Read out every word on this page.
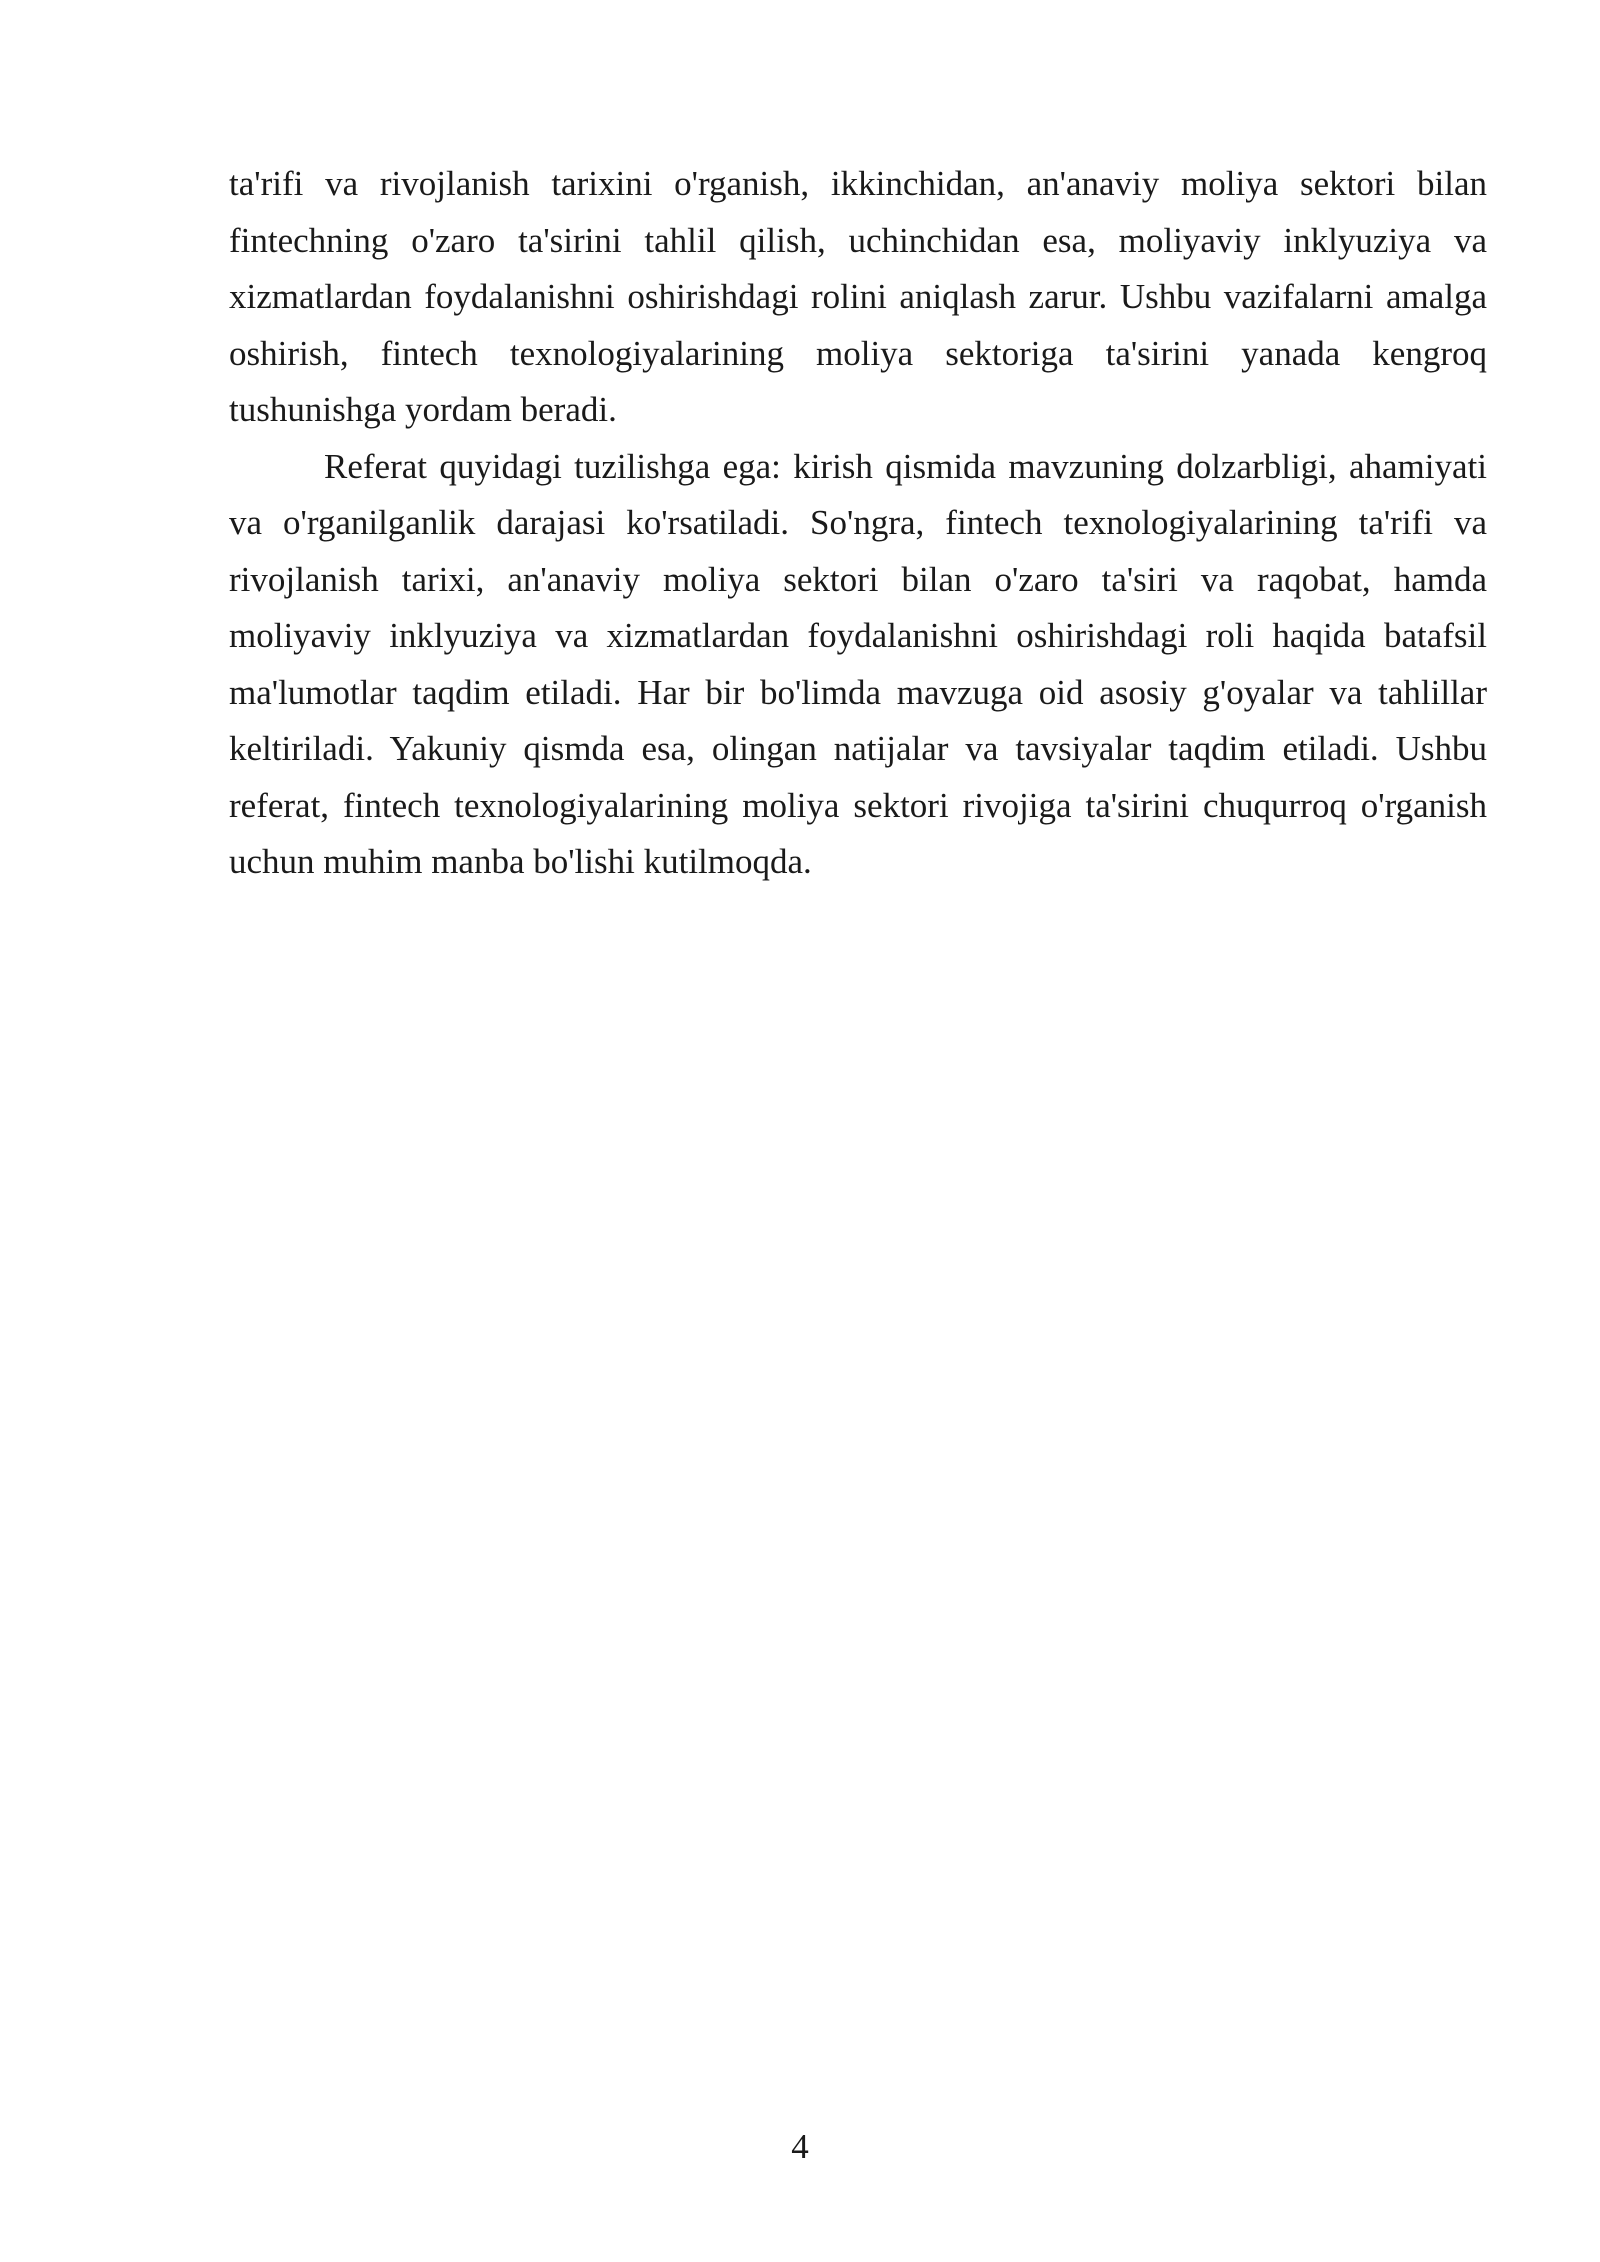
ta'rifi va rivojlanish tarixini o'rganish, ikkinchidan, an'anaviy moliya sektori bilan fintechning o'zaro ta'sirini tahlil qilish, uchinchidan esa, moliyaviy inklyuziya va xizmatlardan foydalanishni oshirishdagi rolini aniqlash zarur. Ushbu vazifalarni amalga oshirish, fintech texnologiyalarining moliya sektoriga ta'sirini yanada kengroq tushunishga yordam beradi.

Referat quyidagi tuzilishga ega: kirish qismida mavzuning dolzarbligi, ahamiyati va o'rganilganlik darajasi ko'rsatiladi. So'ngra, fintech texnologiyalarining ta'rifi va rivojlanish tarixi, an'anaviy moliya sektori bilan o'zaro ta'siri va raqobat, hamda moliyaviy inklyuziya va xizmatlardan foydalanishni oshirishdagi roli haqida batafsil ma'lumotlar taqdim etiladi. Har bir bo'limda mavzuga oid asosiy g'oyalar va tahlillar keltiriladi. Yakuniy qismda esa, olingan natijalar va tavsiyalar taqdim etiladi. Ushbu referat, fintech texnologiyalarining moliya sektori rivojiga ta'sirini chuqurroq o'rganish uchun muhim manba bo'lishi kutilmoqda.

4
